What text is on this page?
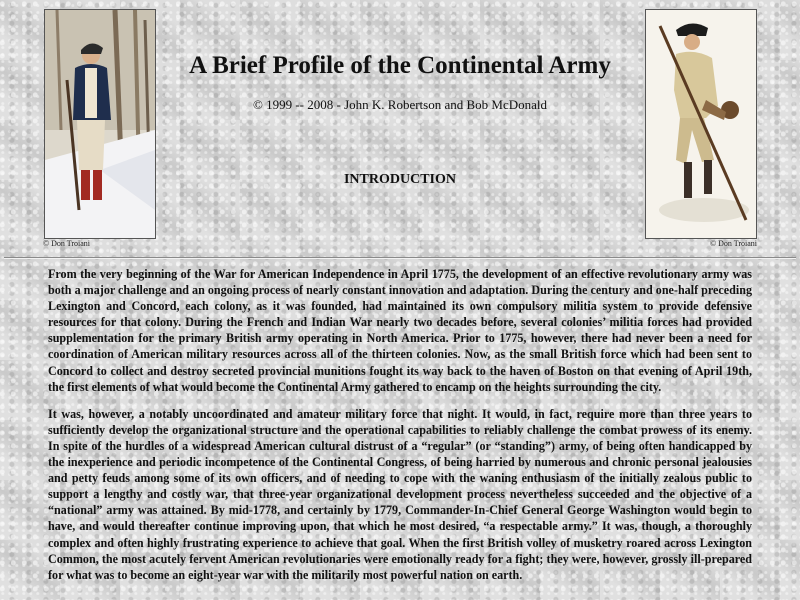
© Don Troiani
A Brief Profile of the Continental Army
© 1999 -- 2008 - John K. Robertson and Bob McDonald
INTRODUCTION
© Don Troiani

From the very beginning of the War for American Independence in April 1775, the development of an effective revolutionary army was both a major challenge and an ongoing process of nearly constant innovation and adaptation. During the century and one-half preceding Lexington and Concord, each colony, as it was founded, had maintained its own compulsory militia system to provide defensive resources for that colony. During the French and Indian War nearly two decades before, several colonies’ militia forces had provided supplementation for the primary British army operating in North America. Prior to 1775, however, there had never been a need for coordination of American military resources across all of the thirteen colonies. Now, as the small British force which had been sent to Concord to collect and destroy secreted provincial munitions fought its way back to the haven of Boston on that evening of April 19th, the first elements of what would become the Continental Army gathered to encamp on the heights surrounding the city.

It was, however, a notably uncoordinated and amateur military force that night. It would, in fact, require more than three years to sufficiently develop the organizational structure and the operational capabilities to reliably challenge the combat prowess of its enemy. In spite of the hurdles of a widespread American cultural distrust of a “regular” (or “standing”) army, of being often handicapped by the inexperience and periodic incompetence of the Continental Congress, of being harried by numerous and chronic personal jealousies and petty feuds among some of its own officers, and of needing to cope with the waning enthusiasm of the initially zealous public to support a lengthy and costly war, that three-year organizational development process nevertheless succeeded and the objective of a “national” army was attained. By mid-1778, and certainly by 1779, Commander-In-Chief General George Washington would begin to have, and would thereafter continue improving upon, that which he most desired, “a respectable army.” It was, though, a thoroughly complex and often highly frustrating experience to achieve that goal. When the first British volley of musketry roared across Lexington Common, the most acutely fervent American revolutionaries were emotionally ready for a fight; they were, however, grossly ill-prepared for what was to become an eight-year war with the militarily most powerful nation on earth.
